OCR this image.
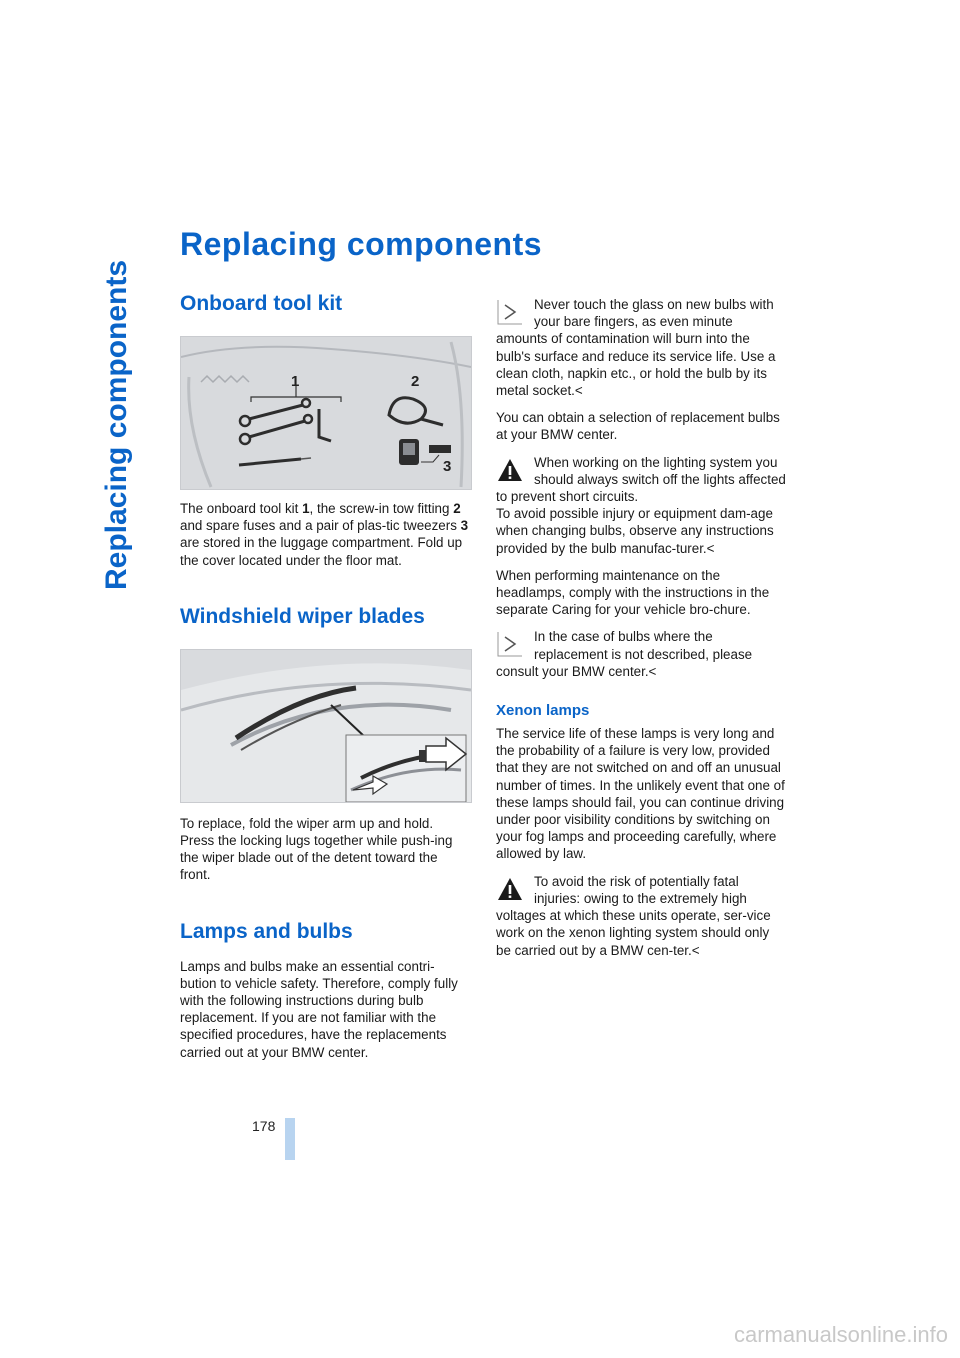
Replacing components
Replacing components
Onboard tool kit
1	2
3

The onboard tool kit 1, the screw-in tow fitting 2 and spare fuses and a pair of plas-tic tweezers 3 are stored in the luggage compartment. Fold up the cover located under the floor mat.

Windshield wiper blades

To replace, fold the wiper arm up and hold. Press the locking lugs together while push-ing the wiper blade out of the detent toward the front.

Lamps and bulbs

Lamps and bulbs make an essential contri-bution to vehicle safety. Therefore, comply fully with the following instructions during bulb replacement. If you are not familiar with the specified procedures, have the replacements carried out at your BMW center.

Never touch the glass on new bulbs with your bare fingers, as even minute amounts of contamination will burn into the bulb's surface and reduce its service life. Use a clean cloth, napkin etc., or hold the bulb by its metal socket.<

You can obtain a selection of replacement bulbs at your BMW center.

When working on the lighting system you should always switch off the lights affected to prevent short circuits.

To avoid possible injury or equipment dam-age when changing bulbs, observe any instructions provided by the bulb manufac-turer.<

When performing maintenance on the headlamps, comply with the instructions in the separate Caring for your vehicle bro-chure.

In the case of bulbs where the replacement is not described, please consult your BMW center.<

Xenon lamps

The service life of these lamps is very long and the probability of a failure is very low, provided that they are not switched on and off an unusual number of times. In the unlikely event that one of these lamps should fail, you can continue driving under poor visibility conditions by switching on your fog lamps and proceeding carefully, where allowed by law.

To avoid the risk of potentially fatal injuries: owing to the extremely high voltages at which these units operate, ser-vice work on the xenon lighting system should only be carried out by a BMW cen-ter.<

178
carmanualsonline.info
